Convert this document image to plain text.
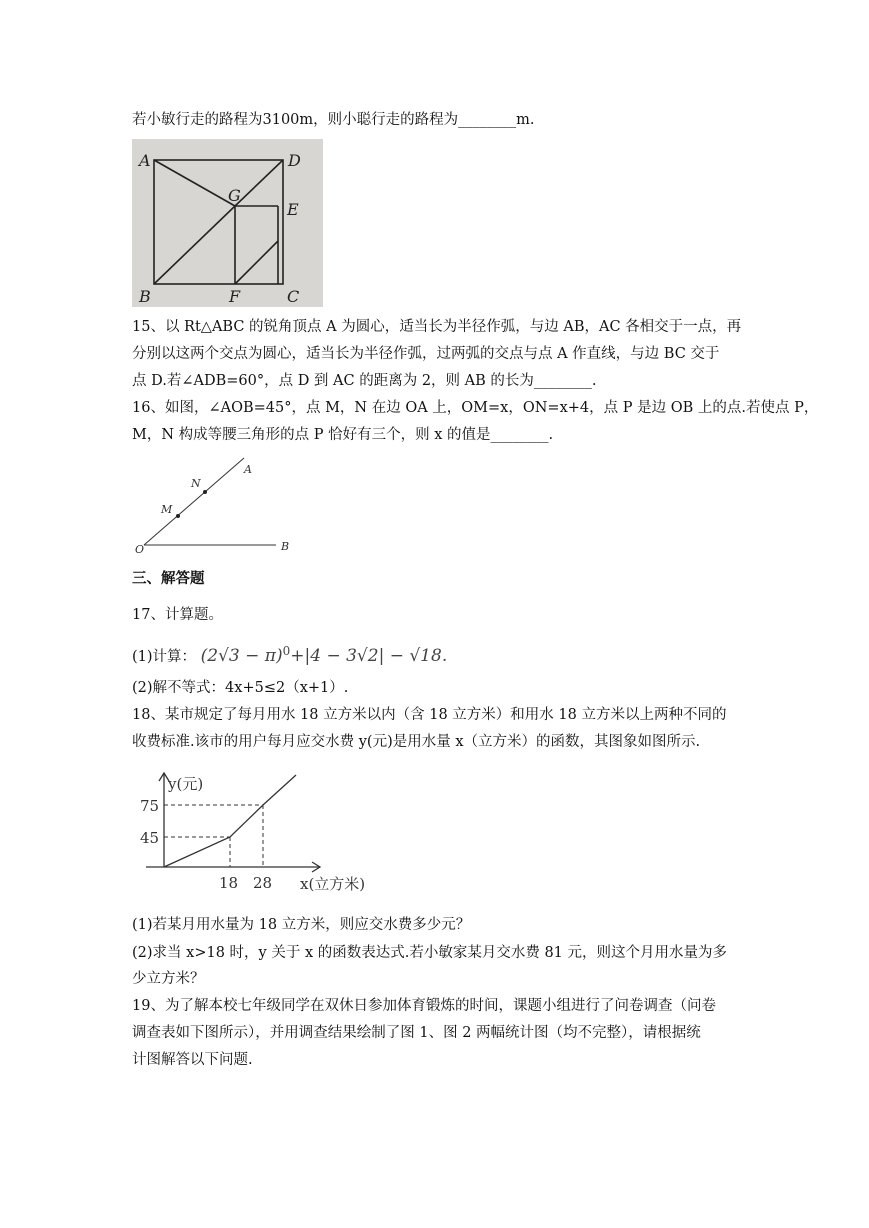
若小敏行走的路程为3100m，则小聪行走的路程为________m.
A	D
G
E
B	F	C
15、以 Rt△ABC 的锐角顶点 A 为圆心，适当长为半径作弧，与边 AB，AC 各相交于一点，再
分别以这两个交点为圆心，适当长为半径作弧，过两弧的交点与点 A 作直线，与边 BC 交于
点 D.若∠ADB=60°，点 D 到 AC 的距离为 2，则 AB 的长为________.
16、如图，∠AOB=45°，点 M，N 在边 OA 上，OM=x，ON=x+4，点 P 是边 OB 上的点.若使点 P，
M，N 构成等腰三角形的点 P 恰好有三个，则 x 的值是________.
A
N
M
O	B
三、解答题
17、计算题。
(1)计算： $(2√3 - \pi)^0+|4 - 3√2| - √18$.
(2)解不等式：4x+5≤2（x+1）.
18、某市规定了每月用水 18 立方米以内（含 18 立方米）和用水 18 立方米以上两种不同的
收费标准.该市的用户每月应交水费 y(元)是用水量 x（立方米）的函数，其图象如图所示.
y(元)
75
45
18 28 x(立方米)
(1)若某月用水量为 18 立方米，则应交水费多少元？
(2)求当 x>18 时，y 关于 x 的函数表达式.若小敏家某月交水费 81 元，则这个月用水量为多
少立方米？
19、为了解本校七年级同学在双休日参加体育锻炼的时间，课题小组进行了问卷调查（问卷
调查表如下图所示），并用调查结果绘制了图 1、图 2 两幅统计图（均不完整），请根据统
计图解答以下问题.
